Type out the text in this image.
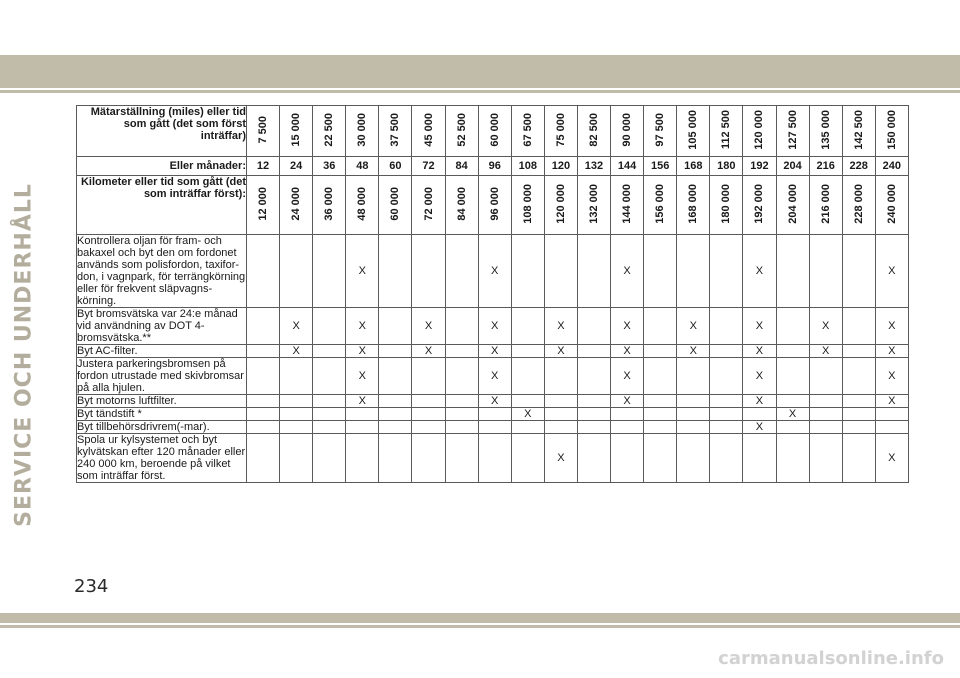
SERVICE OCH UNDERHÅLL
Mätarställning (miles) eller tid som gått (det som först inträffar)	7 500	15 000	22 500	30 000	37 500	45 000	52 500	60 000	67 500	75 000	82 500	90 000	97 500	105 000	112 500	120 000	127 500	135 000	142 500	150 000
Eller månader:	12	24	36	48	60	72	84	96	108	120	132	144	156	168	180	192	204	216	228	240
Kilometer eller tid som gått (det som inträffar först):	12 000	24 000	36 000	48 000	60 000	72 000	84 000	96 000	108 000	120 000	132 000	144 000	156 000	168 000	180 000	192 000	204 000	216 000	228 000	240 000
Kontrollera oljan för fram- och bakaxel och byt den om fordonet används som polisfordon, taxifordon, i vagnpark, för terrängkörning eller för frekvent släpvagnskörning.				X				X				X				X				X
Byt bromsvätska var 24:e månad vid användning av DOT 4-bromsvätska.**		X		X		X		X		X		X		X		X		X		X
Byt AC-filter.		X		X		X		X		X		X		X		X		X		X
Justera parkeringsbromsen på fordon utrustade med skivbromsar på alla hjulen.				X				X				X				X				X
Byt motorns luftfilter.				X				X				X				X				X
Byt tändstift *									X								X			
Byt tillbehörsdrivrem(-mar).																X				
Spola ur kylsystemet och byt kylvätskan efter 120 månader eller 240 000 km, beroende på vilket som inträffar först.										X										X
234
carmanualsonline.info
